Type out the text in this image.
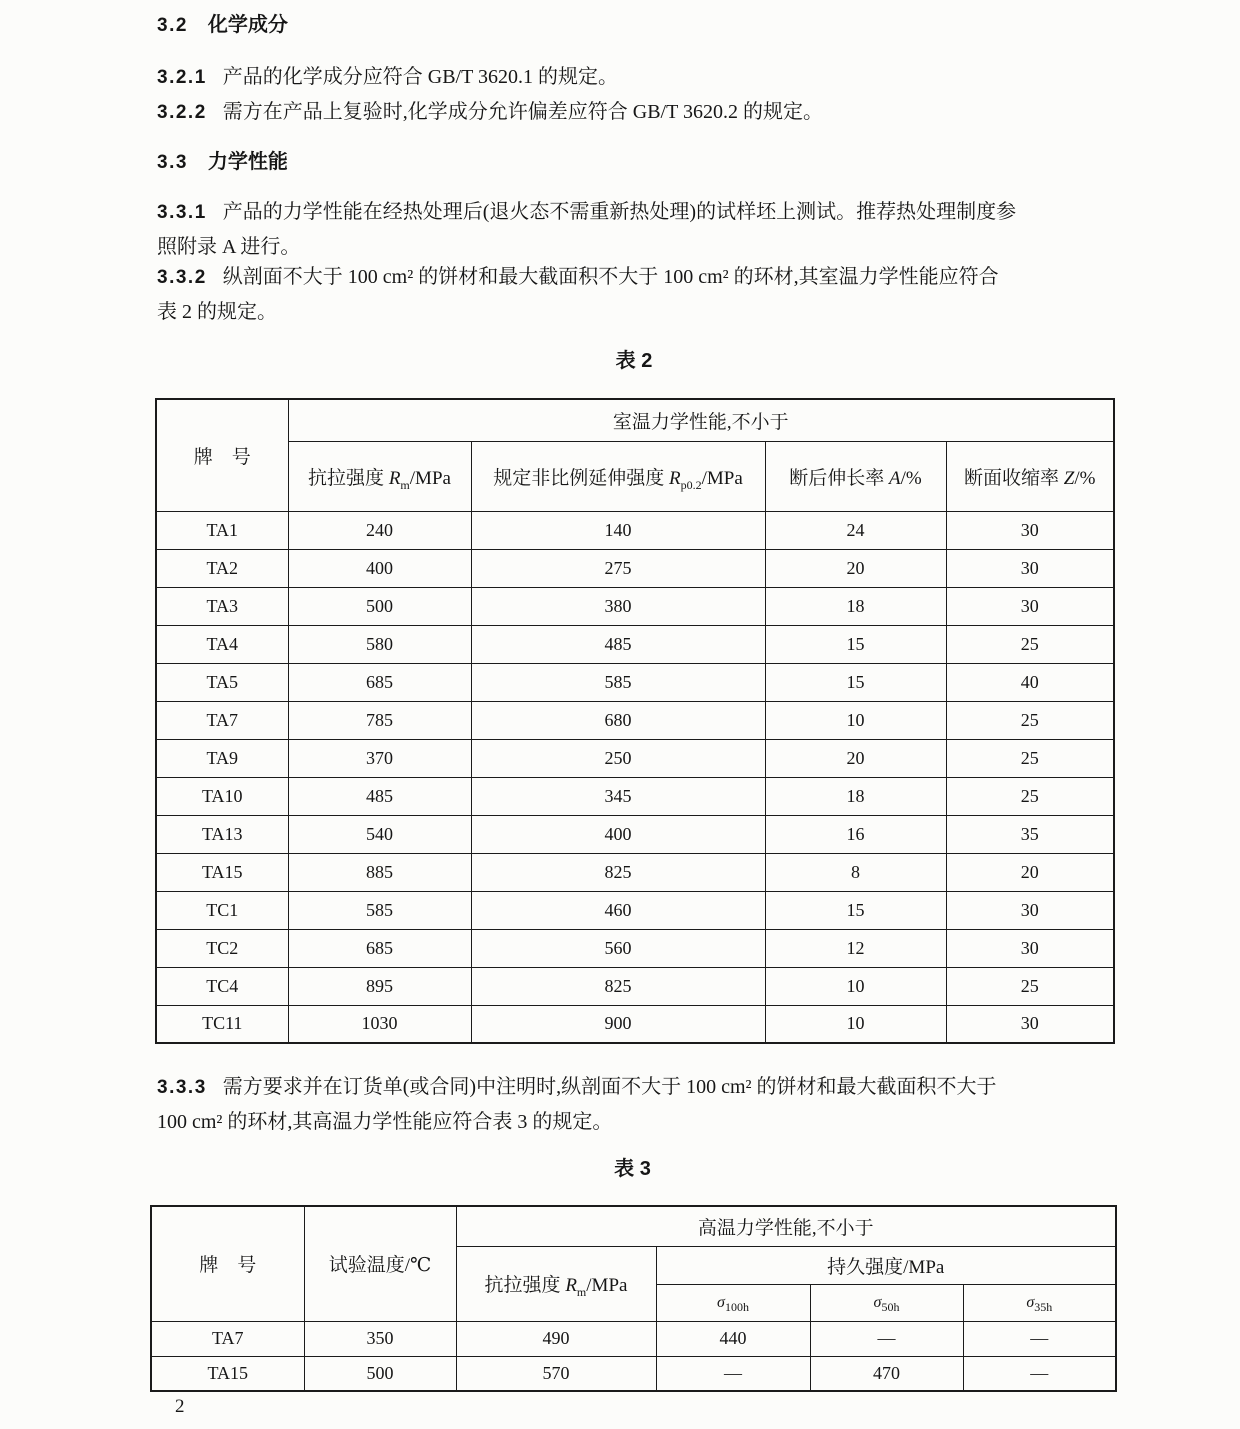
3.2 化学成分
3.2.1 产品的化学成分应符合 GB/T 3620.1 的规定。
3.2.2 需方在产品上复验时,化学成分允许偏差应符合 GB/T 3620.2 的规定。
3.3 力学性能
3.3.1 产品的力学性能在经热处理后(退火态不需重新热处理)的试样坯上测试。推荐热处理制度参
照附录 A 进行。
3.3.2 纵剖面不大于 100 cm² 的饼材和最大截面积不大于 100 cm² 的环材,其室温力学性能应符合
表 2 的规定。
表 2
牌　号	室温力学性能,不小于			
	抗拉强度 $R_m$/MPa	规定非比例延伸强度 $R_{p0.2}$/MPa	断后伸长率 A/%	断面收缩率 Z/%
TA1	240	140	24	30
TA2	400	275	20	30
TA3	500	380	18	30
TA4	580	485	15	25
TA5	685	585	15	40
TA7	785	680	10	25
TA9	370	250	20	25
TA10	485	345	18	25
TA13	540	400	16	35
TA15	885	825	8	20
TC1	585	460	15	30
TC2	685	560	12	30
TC4	895	825	10	25
TC11	1030	900	10	30
3.3.3 需方要求并在订货单(或合同)中注明时,纵剖面不大于 100 cm² 的饼材和最大截面积不大于
100 cm² 的环材,其高温力学性能应符合表 3 的规定。
表 3
牌　号	试验温度/℃	高温力学性能,不小于			
		抗拉强度 $R_m$/MPa	持久强度/MPa		
			$\sigma_{100h}$	$\sigma_{50h}$	$\sigma_{35h}$
TA7	350	490	440	—	—
TA15	500	570	—	470	—
2
